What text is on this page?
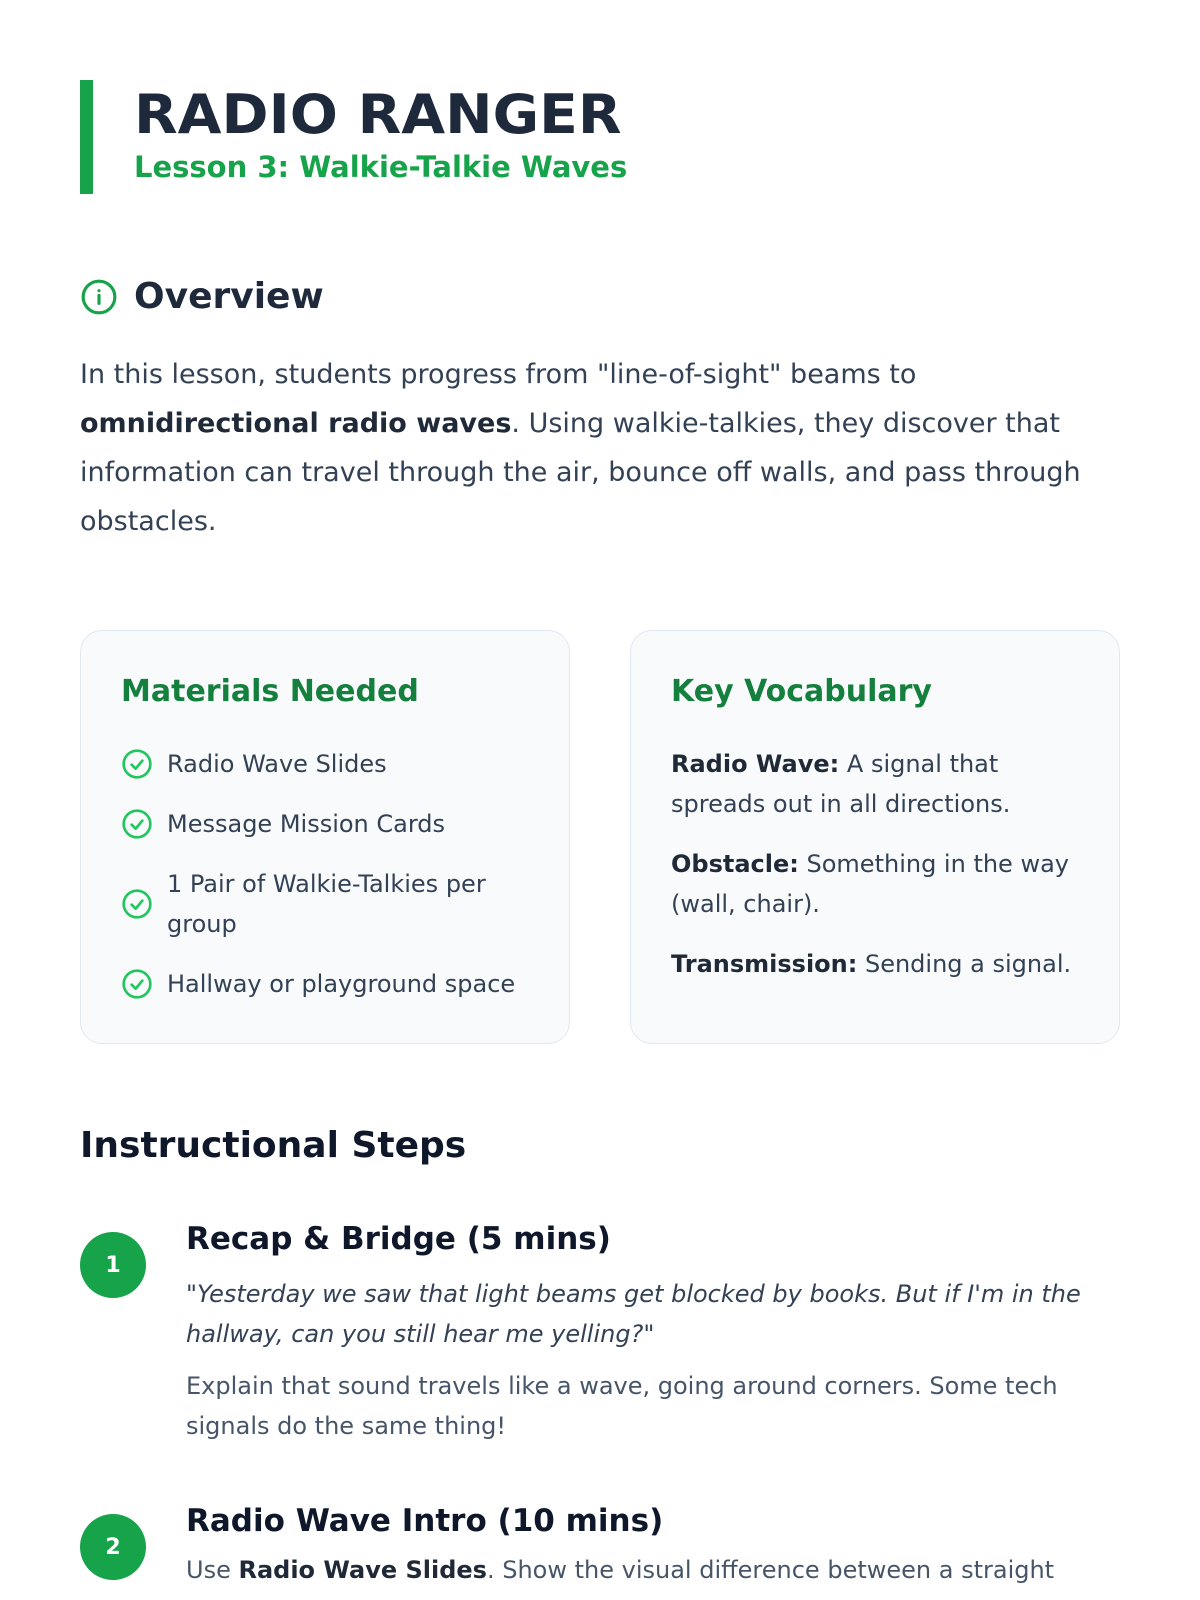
RADIO RANGER
Lesson 3: Walkie-Talkie Waves
Overview

In this lesson, students progress from "line-of-sight" beams to omnidirectional radio waves. Using walkie-talkies, they discover that information can travel through the air, bounce off walls, and pass through obstacles.

Materials Needed
Radio Wave Slides
Message Mission Cards
1 Pair of Walkie-Talkies per group
Hallway or playground space
Key Vocabulary
Radio Wave: A signal that spreads out in all directions.
Obstacle: Something in the way (wall, chair).
Transmission: Sending a signal.
Instructional Steps
1
Recap & Bridge (5 mins)
"Yesterday we saw that light beams get blocked by books. But if I'm in the hallway, can you still hear me yelling?"
Explain that sound travels like a wave, going around corners. Some tech signals do the same thing!
2
Radio Wave Intro (10 mins)
Use Radio Wave Slides. Show the visual difference between a straight
